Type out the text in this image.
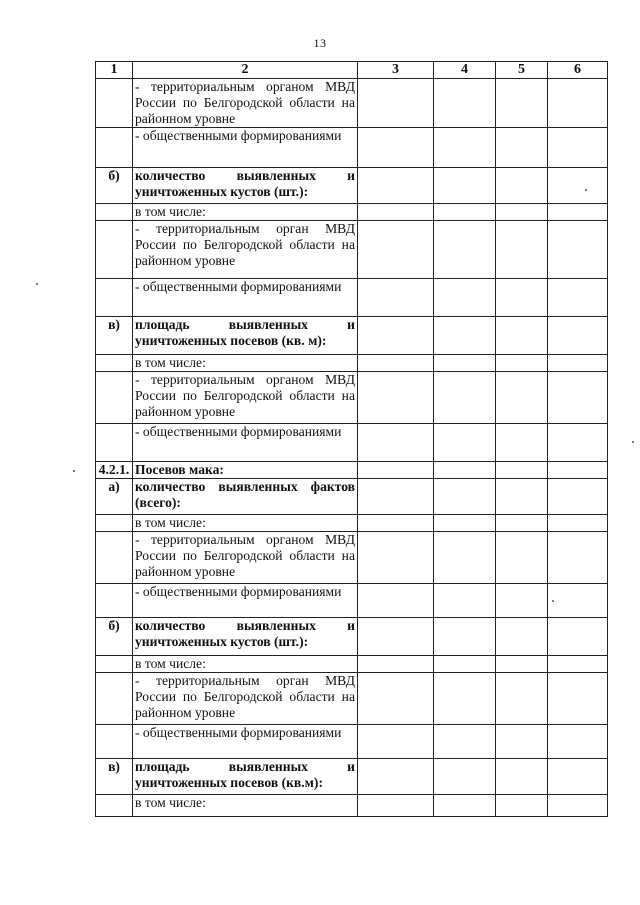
13
1	2	3	4	5	6
	- территориальным органом МВД России по Белгородской области на районном уровне				
	- общественными формированиями				
б)	количество выявленных и уничтоженных кустов (шт.):				
	в том числе:				
	- территориальным орган МВД России по Белгородской области на районном уровне				
	- общественными формированиями				
в)	площадь выявленных и уничтоженных посевов (кв. м):				
	в том числе:				
	- территориальным органом МВД России по Белгородской области на районном уровне				
	- общественными формированиями				
4.2.1.	Посевов мака:				
а)	количество выявленных фактов (всего):				
	в том числе:				
	- территориальным органом МВД России по Белгородской области на районном уровне				
	- общественными формированиями				
б)	количество выявленных и уничтоженных кустов (шт.):				
	в том числе:				
	- территориальным орган МВД России по Белгородской области на районном уровне				
	- общественными формированиями				
в)	площадь выявленных и уничтоженных посевов (кв.м):				
	в том числе:				
